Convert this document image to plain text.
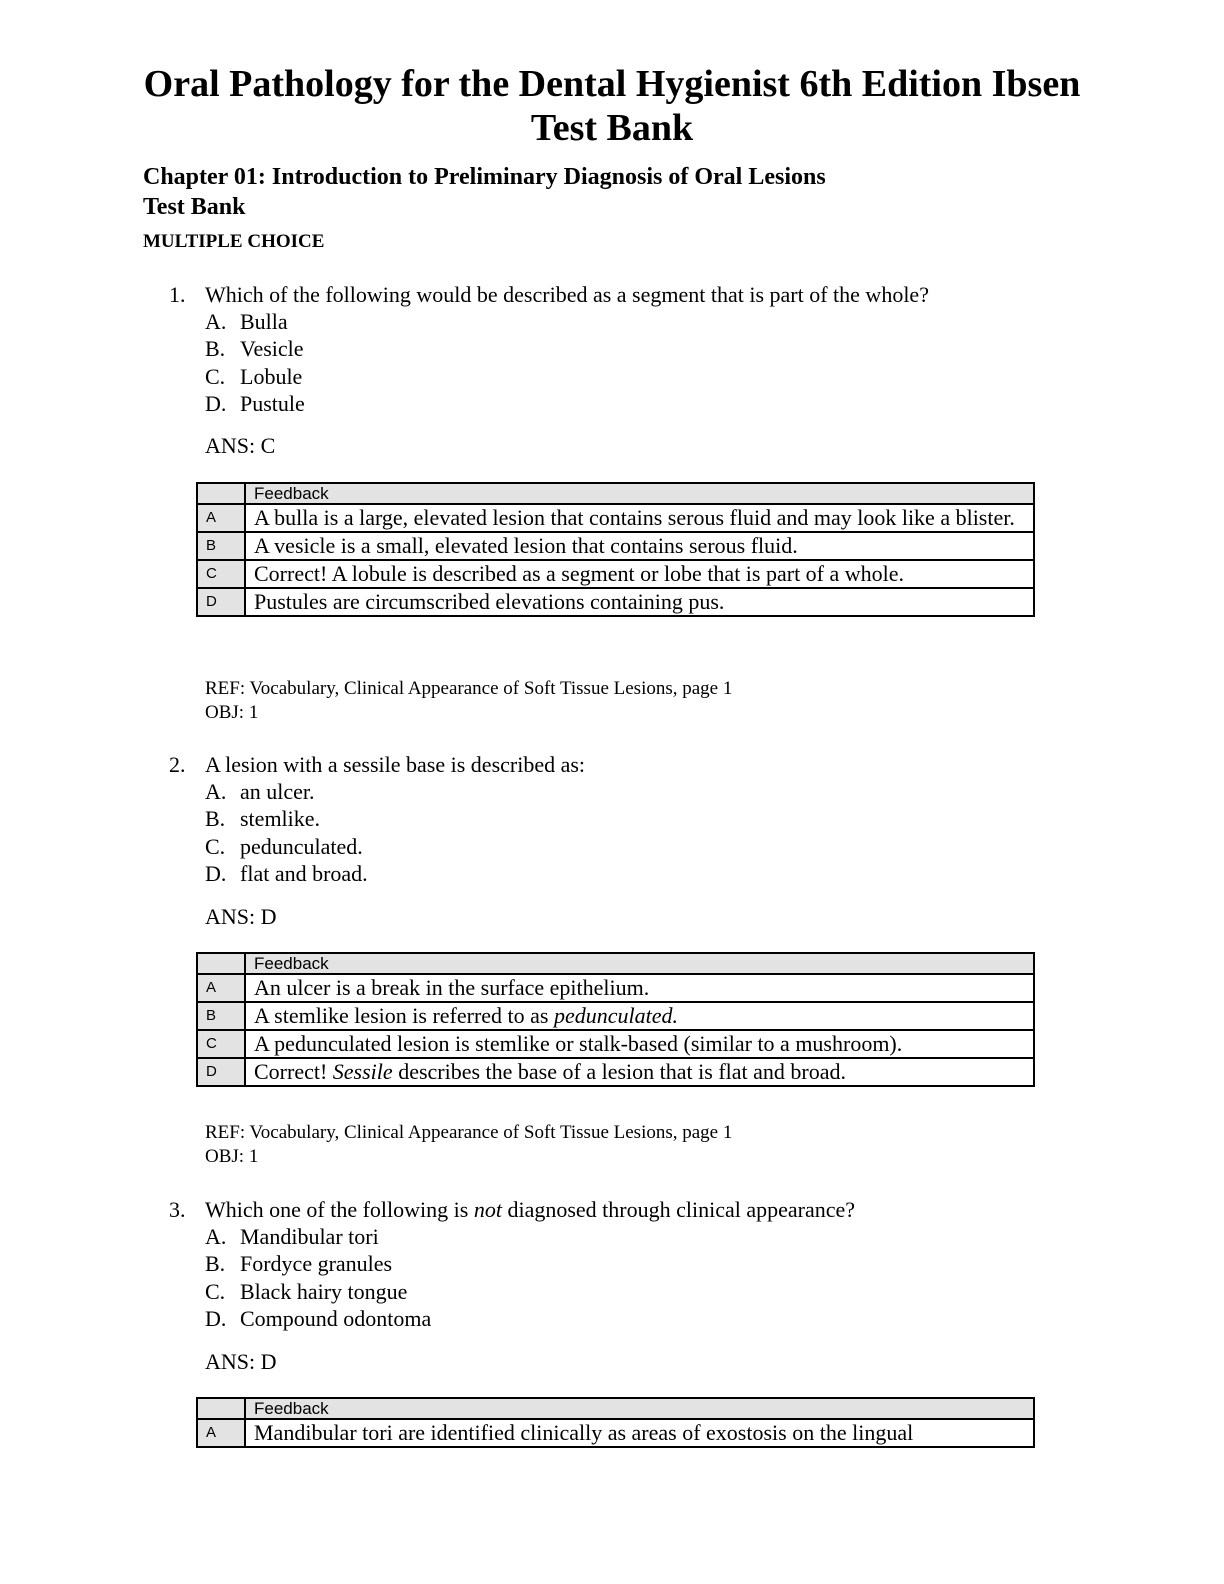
Oral Pathology for the Dental Hygienist 6th Edition Ibsen
Test Bank
Chapter 01: Introduction to Preliminary Diagnosis of Oral Lesions
Test Bank
MULTIPLE CHOICE
1. Which of the following would be described as a segment that is part of the whole?
A. Bulla
B. Vesicle
C. Lobule
D. Pustule
ANS: C
	Feedback
A	A bulla is a large, elevated lesion that contains serous fluid and may look like a blister.
B	A vesicle is a small, elevated lesion that contains serous fluid.
C	Correct! A lobule is described as a segment or lobe that is part of a whole.
D	Pustules are circumscribed elevations containing pus.
REF: Vocabulary, Clinical Appearance of Soft Tissue Lesions, page 1
OBJ: 1
2. A lesion with a sessile base is described as:
A. an ulcer.
B. stemlike.
C. pedunculated.
D. flat and broad.
ANS: D
	Feedback
A	An ulcer is a break in the surface epithelium.
B	A stemlike lesion is referred to as pedunculated.
C	A pedunculated lesion is stemlike or stalk-based (similar to a mushroom).
D	Correct! Sessile describes the base of a lesion that is flat and broad.
REF: Vocabulary, Clinical Appearance of Soft Tissue Lesions, page 1
OBJ: 1
3. Which one of the following is not diagnosed through clinical appearance?
A. Mandibular tori
B. Fordyce granules
C. Black hairy tongue
D. Compound odontoma
ANS: D
	Feedback
A	Mandibular tori are identified clinically as areas of exostosis on the lingual
